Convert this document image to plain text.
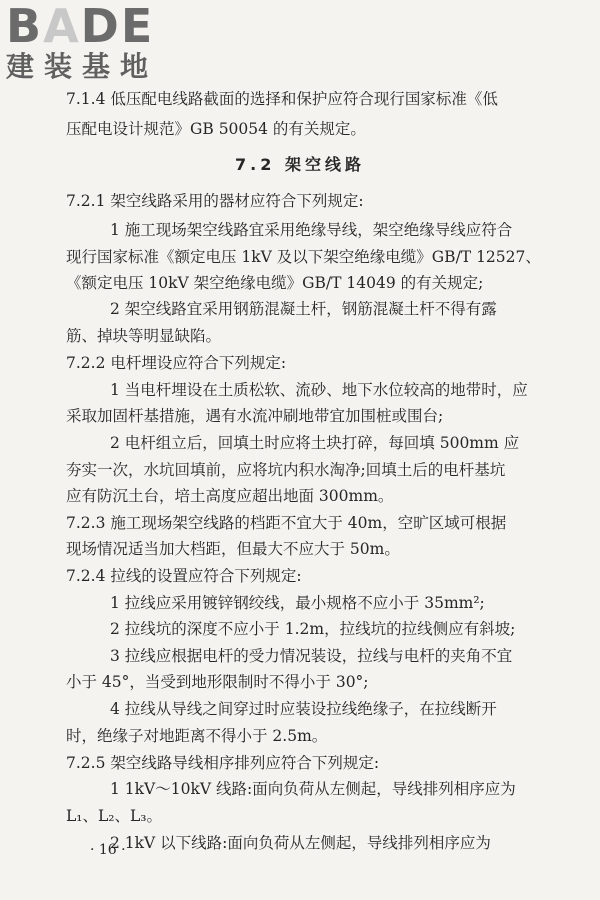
BADE
建装基地
7.1.4 低压配电线路截面的选择和保护应符合现行国家标准《低
压配电设计规范》GB 50054 的有关规定。
7.2 架空线路
7.2.1 架空线路采用的器材应符合下列规定:
1 施工现场架空线路宜采用绝缘导线，架空绝缘导线应符合
现行国家标准《额定电压 1kV 及以下架空绝缘电缆》GB/T 12527、
《额定电压 10kV 架空绝缘电缆》GB/T 14049 的有关规定;
2 架空线路宜采用钢筋混凝土杆，钢筋混凝土杆不得有露
筋、掉块等明显缺陷。
7.2.2 电杆埋设应符合下列规定:
1 当电杆埋设在土质松软、流砂、地下水位较高的地带时，应
采取加固杆基措施，遇有水流冲刷地带宜加围桩或围台;
2 电杆组立后，回填土时应将土块打碎，每回填 500mm 应
夯实一次，水坑回填前，应将坑内积水淘净;回填土后的电杆基坑
应有防沉土台，培土高度应超出地面 300mm。
7.2.3 施工现场架空线路的档距不宜大于 40m，空旷区域可根据
现场情况适当加大档距，但最大不应大于 50m。
7.2.4 拉线的设置应符合下列规定:
1 拉线应采用镀锌钢绞线，最小规格不应小于 35mm²;
2 拉线坑的深度不应小于 1.2m，拉线坑的拉线侧应有斜坡;
3 拉线应根据电杆的受力情况装设，拉线与电杆的夹角不宜
小于 45°，当受到地形限制时不得小于 30°;
4 拉线从导线之间穿过时应装设拉线绝缘子，在拉线断开
时，绝缘子对地距离不得小于 2.5m。
7.2.5 架空线路导线相序排列应符合下列规定:
1 1kV～10kV 线路:面向负荷从左侧起，导线排列相序应为
L₁、L₂、L₃。
2 1kV 以下线路:面向负荷从左侧起，导线排列相序应为
· 16 ·
